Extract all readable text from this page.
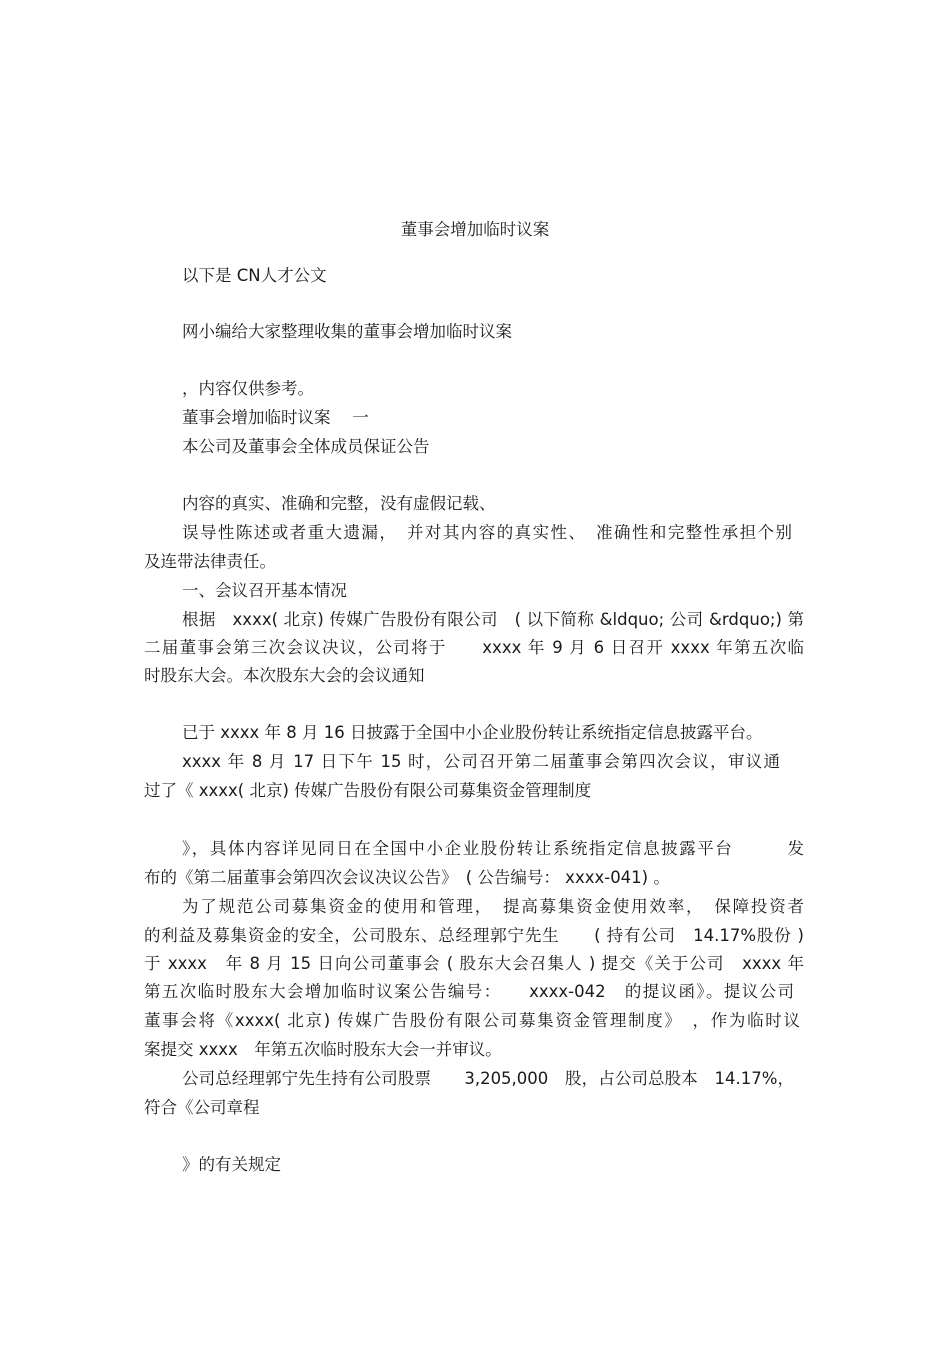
董事会增加临时议案
以下是 CN人才公文
网小编给大家整理收集的董事会增加临时议案
，内容仅供参考。
董事会增加临时议案　 一
本公司及董事会全体成员保证公告
内容的真实、准确和完整，没有虚假记载、
误导性陈述或者重大遗漏，　并对其内容的真实性、　准确性和完整性承担个别
及连带法律责任。
一、会议召开基本情况
根据　xxxx( 北京) 传媒广告股份有限公司　( 以下简称 &ldquo; 公司 &rdquo;) 第
二届董事会第三次会议决议，公司将于　　xxxx 年 9 月 6 日召开 xxxx 年第五次临
时股东大会。本次股东大会的会议通知
已于 xxxx 年 8 月 16 日披露于全国中小企业股份转让系统指定信息披露平台。
xxxx 年 8 月 17 日下午 15 时，公司召开第二届董事会第四次会议，审议通
过了《 xxxx( 北京) 传媒广告股份有限公司募集资金管理制度
》，具体内容详见同日在全国中小企业股份转让系统指定信息披露平台　　　发
布的《第二届董事会第四次会议决议公告》　( 公告编号： xxxx-041) 。
为了规范公司募集资金的使用和管理，　提高募集资金使用效率，　保障投资者
的利益及募集资金的安全，公司股东、总经理郭宁先生　　( 持有公司　14.17%股份 )
于 xxxx　年 8 月 15 日向公司董事会 ( 股东大会召集人 ) 提交《关于公司　xxxx 年
第五次临时股东大会增加临时议案公告编号：　　xxxx-042　的提议函》。提议公司
董事会将《xxxx( 北京) 传媒广告股份有限公司募集资金管理制度》　，作为临时议
案提交 xxxx　年第五次临时股东大会一并审议。
公司总经理郭宁先生持有公司股票　　3,205,000　股，占公司总股本　14.17%，
符合《公司章程
》的有关规定
